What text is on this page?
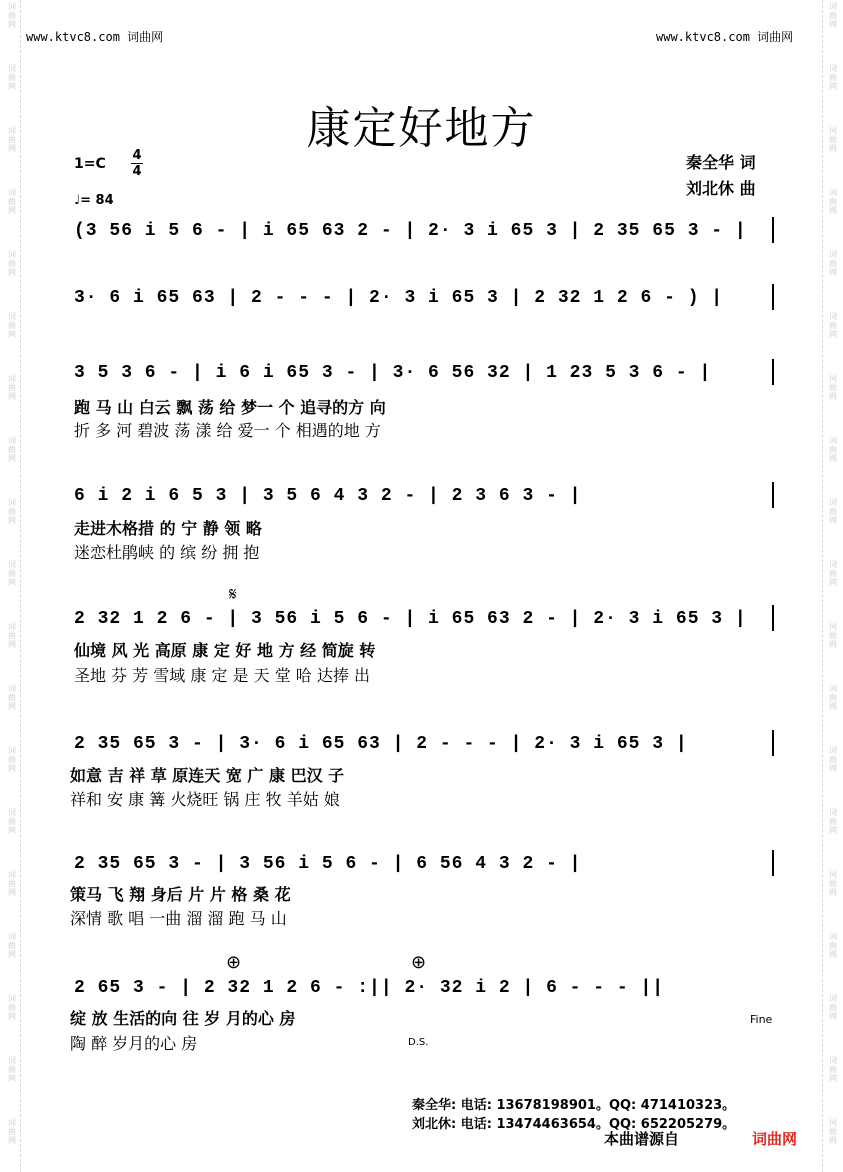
词
曲
网
词
曲
网
词
曲
网
词
曲
网
词
曲
网
词
曲
网
词
曲
网
词
曲
网
词
曲
网
词
曲
网
词
曲
网
词
曲
网
词
曲
网
词
曲
网
词
曲
网
词
曲
网
词
曲
网
词
曲
网
词
曲
网
词
曲
网
词
曲
网
词
曲
网
词
曲
网
词
曲
网
词
曲
网
词
曲
网
词
曲
网
词
曲
网
词
曲
网
词
曲
网
词
曲
网
词
曲
网
词
曲
网
词
曲
网
词
曲
网
词
曲
网
词
曲
网
词
曲
网
www.ktvc8.com 词曲网	www.ktvc8.com 词曲网
康定好地方
秦全华 词
刘北休 曲
1=C
4
4
♩= 84
(3 56 i 5 6 - | i 65 63 2 - | 2· 3 i 65 3 | 2 35 65 3 - |
3· 6 i 65 63 | 2 - - - | 2· 3 i 65 3 | 2 32 1 2 6 - ) |
3 5 3 6 - | i 6 i 65 3 - | 3· 6 56 32 | 1 23 5 3 6 - |
跑 马 山 白云 飘 荡 给 梦一 个 追寻的方 向
折 多 河 碧波 荡 漾 给 爱一 个 相遇的地 方
6 i 2 i 6 5 3 | 3 5 6 4 3 2 - | 2 3 6 3 - |
走进木格措 的 宁 静 领 略
迷恋杜鹃峡 的 缤 纷 拥 抱
𝄋
2 32 1 2 6 - | 3 56 i 5 6 - | i 65 63 2 - | 2· 3 i 65 3 |
仙境 风 光 高原 康 定 好 地 方 经 简旋 转
圣地 芬 芳 雪域 康 定 是 天 堂 哈 达捧 出
2 35 65 3 - | 3· 6 i 65 63 | 2 - - - | 2· 3 i 65 3 |
如意 吉 祥 草 原连天 宽 广 康 巴汉 子
祥和 安 康 篝 火烧旺 锅 庄 牧 羊姑 娘
2 35 65 3 - | 3 56 i 5 6 - | 6 56 4 3 2 - |
策马 飞 翔 身后 片 片 格 桑 花
深情 歌 唱 一曲 溜 溜 跑 马 山
⊕	⊕
2 65 3 - | 2 32 1 2 6 - :|| 2· 32 i 2 | 6 - - - ||
Fine
绽 放 生活的向 往 岁 月的心 房
陶 醉 岁月的心 房	D.S.
秦全华: 电话: 13678198901。QQ: 471410323。
刘北休: 电话: 13474463654。QQ: 652205279。
本曲谱源自	词曲网
